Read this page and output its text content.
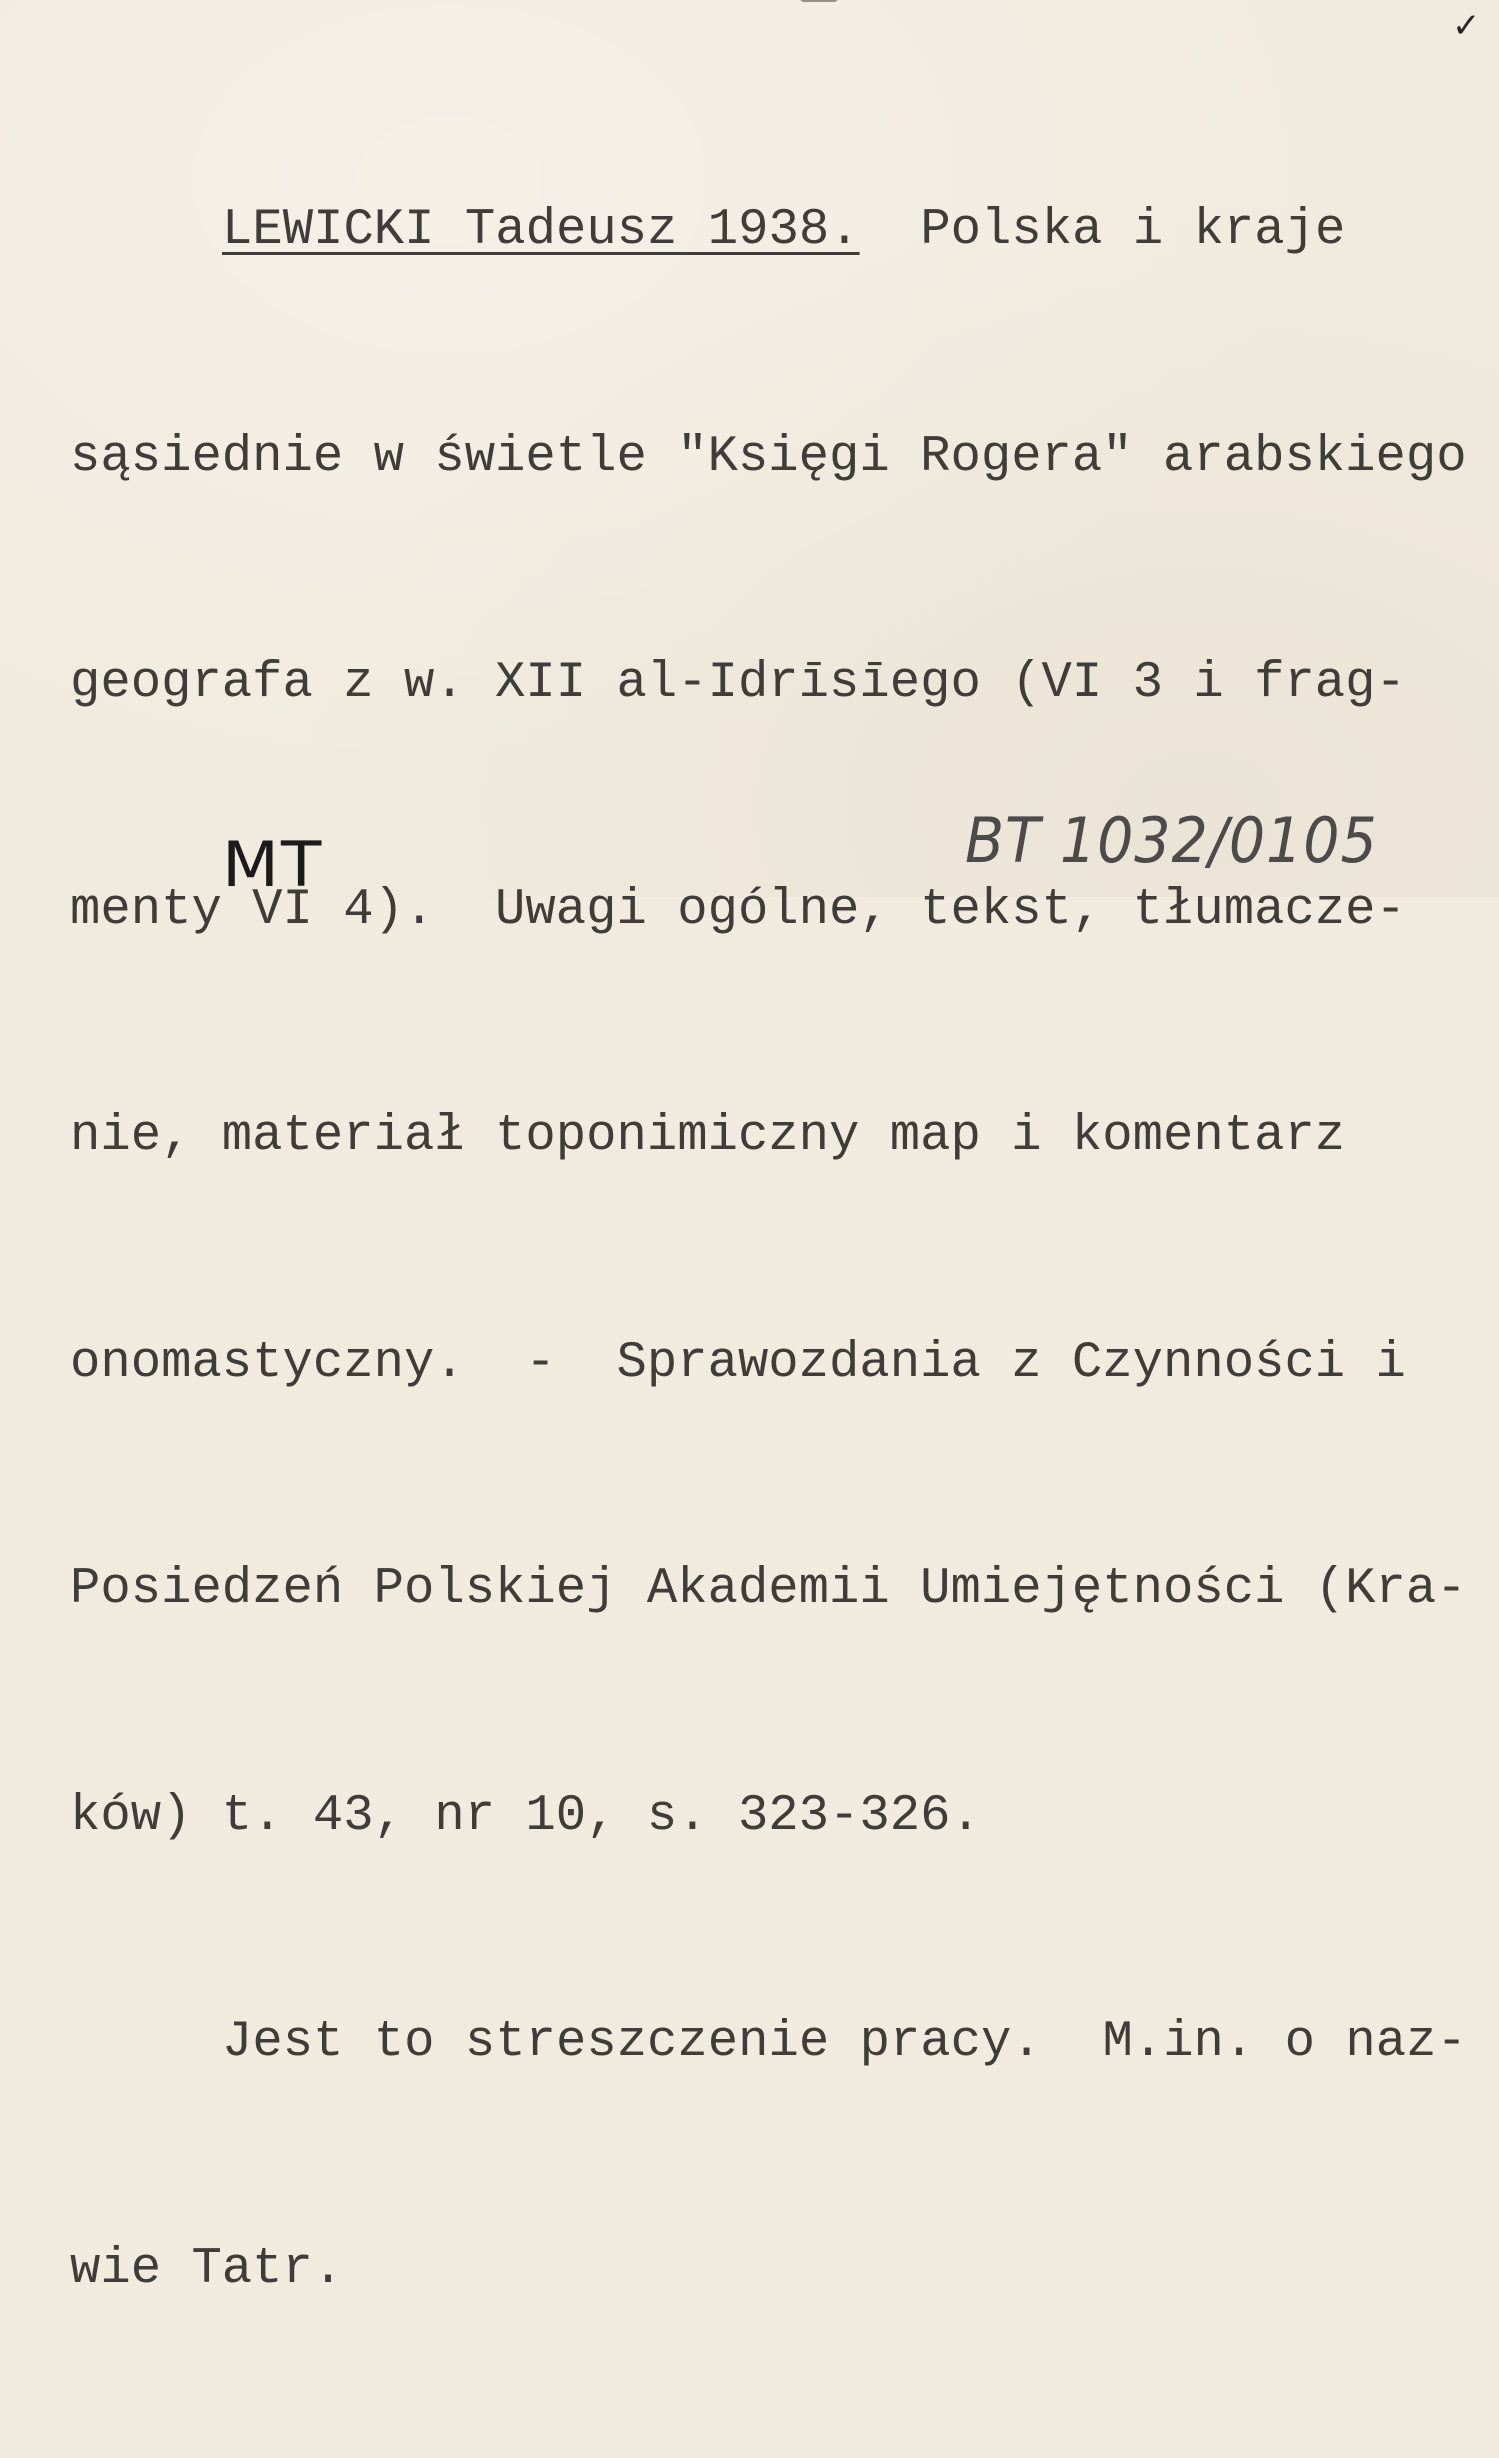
✓

LEWICKI Tadeusz 1938.  Polska i kraje

sąsiednie w świetle "Księgi Rogera" arabskiego

geografa z w. XII al-Idrīsīego (VI 3 i frag-

menty VI 4).  Uwagi ogólne, tekst, tłumacze-

nie, materiał toponimiczny map i komentarz

onomastyczny.  -  Sprawozdania z Czynności i

Posiedzeń Polskiej Akademii Umiejętności (Kra-

ków) t. 43, nr 10, s. 323-326.

Jest to streszczenie pracy.  M.in. o naz-

wie Tatr.

MT	BT 1032/0105
